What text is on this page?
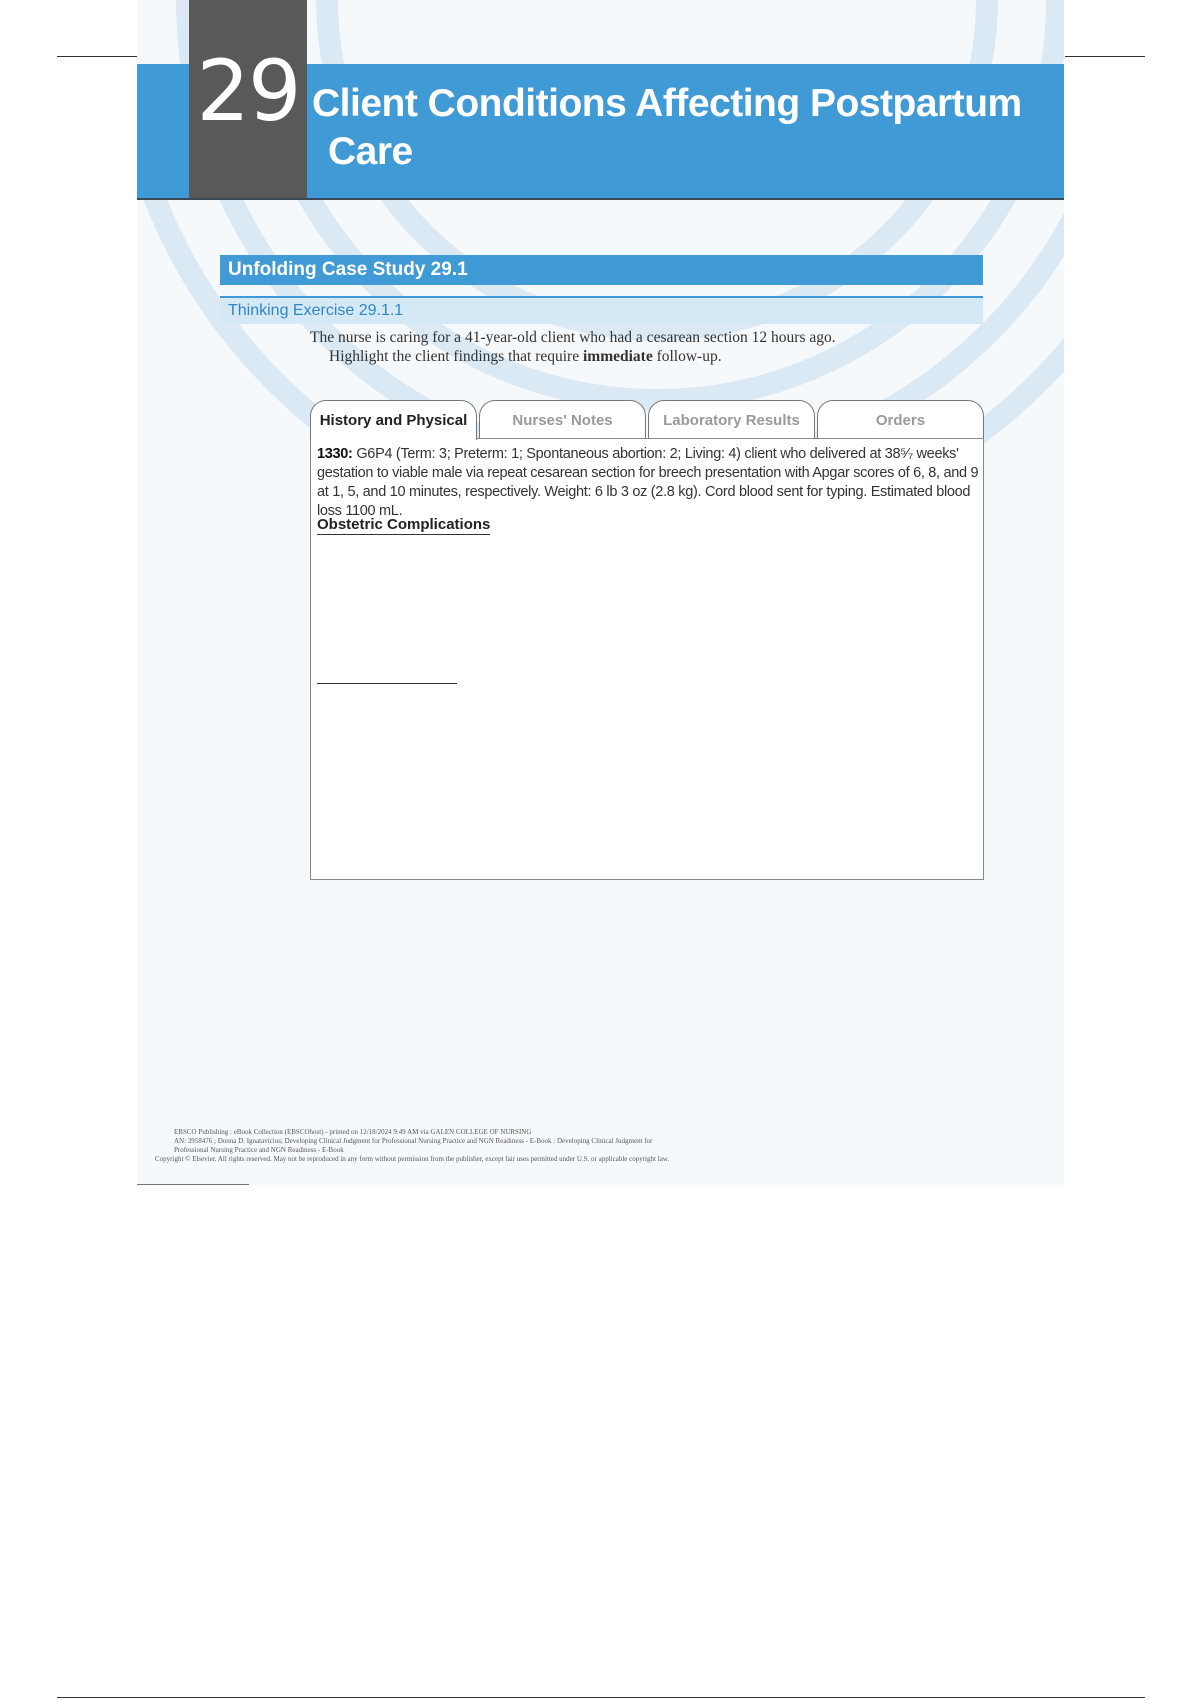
29 Client Conditions Affecting Postpartum
Care
Unfolding Case Study 29.1
Thinking Exercise 29.1.1
The nurse is caring for a 41-year-old client who had a cesarean section 12 hours ago.
Highlight the client findings that require immediate follow-up.
History and Physical	Nurses' Notes	Laboratory Results	Orders
1330: G6P4 (Term: 3; Preterm: 1; Spontaneous abortion: 2; Living: 4) client who delivered at 38⁵⁄₇ weeks' gestation to viable male via repeat cesarean section for breech presentation with Apgar scores of 6, 8, and 9 at 1, 5, and 10 minutes, respectively. Weight: 6 lb 3 oz (2.8 kg). Cord blood sent for typing. Estimated blood loss 1100 mL.
Obstetric Complications
EBSCO Publishing : eBook Collection (EBSCOhost) - printed on 12/18/2024 9:49 AM via GALEN COLLEGE OF NURSING
AN: 3958476 ; Donna D. Ignatavicius; Developing Clinical Judgment for Professional Nursing Practice and NGN Readiness - E-Book : Developing Clinical Judgment for
Professional Nursing Practice and NGN Readiness - E-Book
Copyright © Elsevier. All rights reserved. May not be reproduced in any form without permission from the publisher, except fair uses permitted under U.S. or applicable copyright law.
